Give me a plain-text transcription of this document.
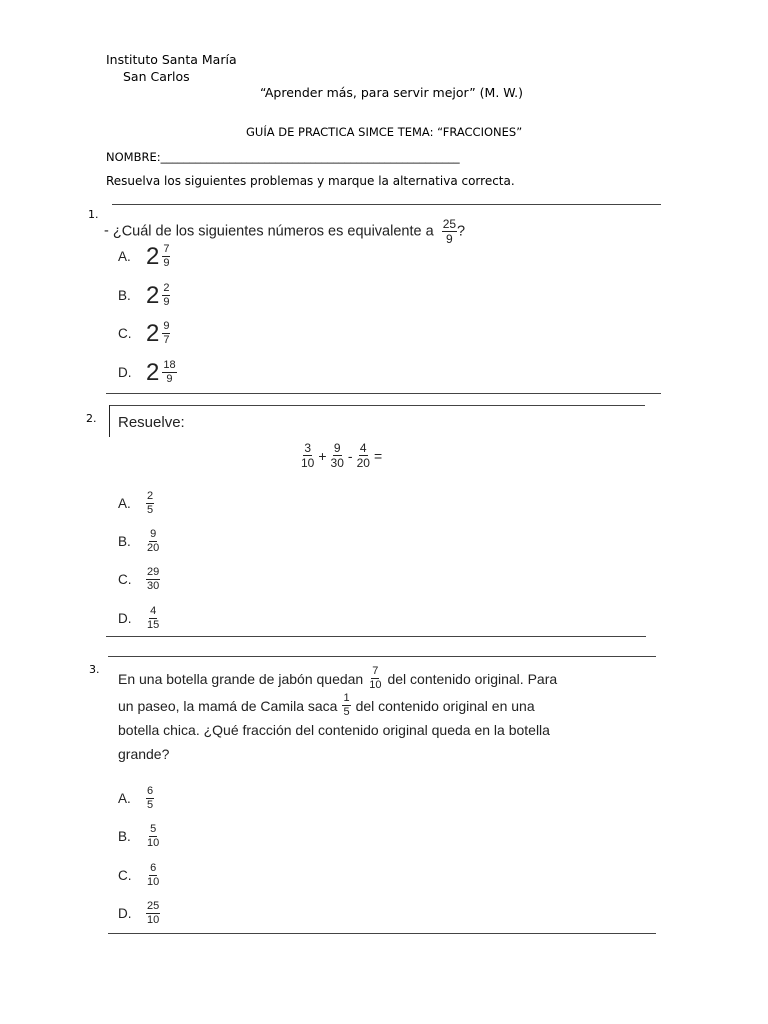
Instituto Santa María
San Carlos
“Aprender más, para servir mejor” (M. W.)
GUÍA DE PRACTICA SIMCE TEMA: “FRACCIONES”
NOMBRE:____________________________________________________
Resuelva los siguientes problemas y marque la alternativa correcta.
1.
- ¿Cuál de los siguientes números es equivalente a $\frac{25}{9}$ ?
A. $2 \frac{7}{9}$
B. $2 \frac{2}{9}$
C. $2 \frac{9}{7}$
D. $2 \frac{18}{9}$
2. Resuelve:
$\frac{3}{10} + \frac{9}{30} - \frac{4}{20}$ =
A.	$\frac{2}{5}$
B.	$\frac{9}{20}$
C.	$\frac{29}{30}$
D.	$\frac{4}{15}$
3.
En una botella grande de jabón quedan $\frac{7}{10}$ del contenido original. Para
un paseo, la mamá de Camila saca $\frac{1}{5}$ del contenido original en una
botella chica. ¿Qué fracción del contenido original queda en la botella
grande?
A.	$\frac{6}{5}$
B.	$\frac{5}{10}$
C.	$\frac{6}{10}$
D.	$\frac{25}{10}$
